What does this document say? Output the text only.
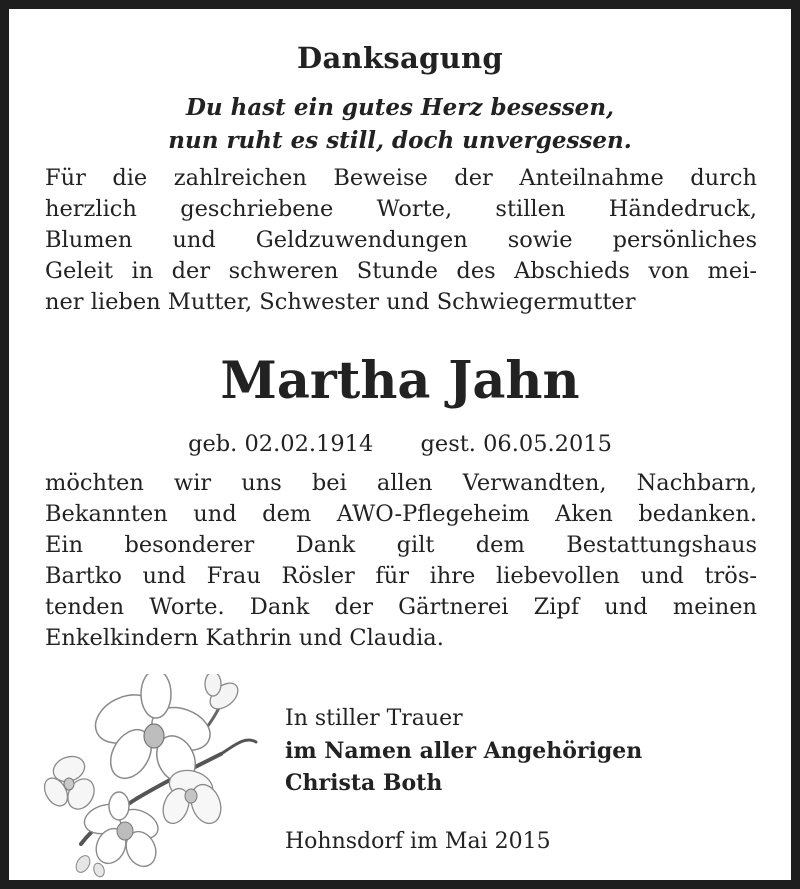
Danksagung
Du hast ein gutes Herz besessen,
nun ruht es still, doch unvergessen.
Für die zahlreichen Beweise der Anteilnahme durch
herzlich geschriebene Worte, stillen Händedruck,
Blumen und Geldzuwendungen sowie persönliches
Geleit in der schweren Stunde des Abschieds von mei-
ner lieben Mutter, Schwester und Schwiegermutter
Martha Jahn
geb. 02.02.1914 gest. 06.05.2015
möchten wir uns bei allen Verwandten, Nachbarn,
Bekannten und dem AWO-Pflegeheim Aken bedanken.
Ein besonderer Dank gilt dem Bestattungshaus
Bartko und Frau Rösler für ihre liebevollen und trös-
tenden Worte. Dank der Gärtnerei Zipf und meinen
Enkelkindern Kathrin und Claudia.
In stiller Trauer
im Namen aller Angehörigen
Christa Both
Hohnsdorf im Mai 2015
